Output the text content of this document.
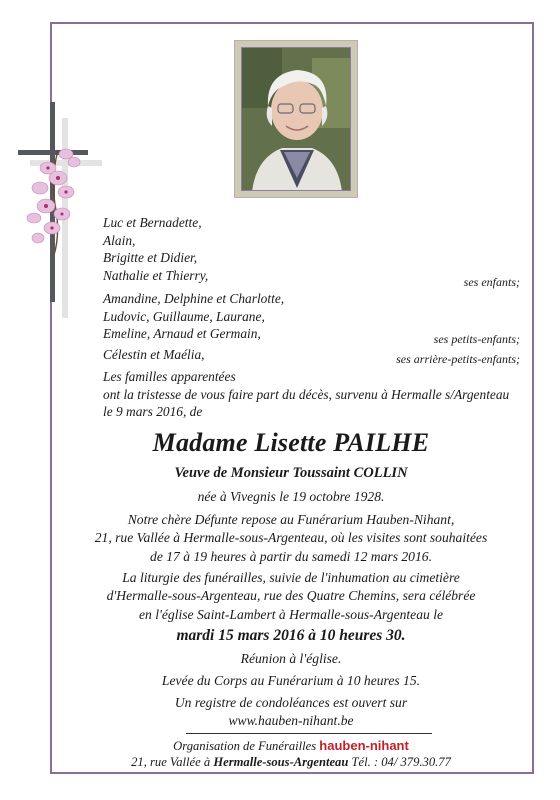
Luc et Bernadette,
Alain,
Brigitte et Didier,
Nathalie et Thierry,	ses enfants;
Amandine, Delphine et Charlotte,
Ludovic, Guillaume, Laurane,
Emeline, Arnaud et Germain,	ses petits-enfants;
Célestin et Maélia,	ses arrière-petits-enfants;
Les familles apparentées
ont la tristesse de vous faire part du décès, survenu à Hermalle s/Argenteau
le 9 mars 2016, de
Madame Lisette PAILHE
Veuve de Monsieur Toussaint COLLIN
née à Vivegnis le 19 octobre 1928.
Notre chère Défunte repose au Funérarium Hauben-Nihant,
21, rue Vallée à Hermalle-sous-Argenteau, où les visites sont souhaitées
de 17 à 19 heures à partir du samedi 12 mars 2016.
La liturgie des funérailles, suivie de l'inhumation au cimetière
d'Hermalle-sous-Argenteau, rue des Quatre Chemins, sera célébrée
en l'église Saint-Lambert à Hermalle-sous-Argenteau le
mardi 15 mars 2016 à 10 heures 30.
Réunion à l'église.
Levée du Corps au Funérarium à 10 heures 15.
Un registre de condoléances est ouvert sur
www.hauben-nihant.be
Organisation de Funérailles hauben-nihant
21, rue Vallée à Hermalle-sous-Argenteau Tél. : 04/ 379.30.77
